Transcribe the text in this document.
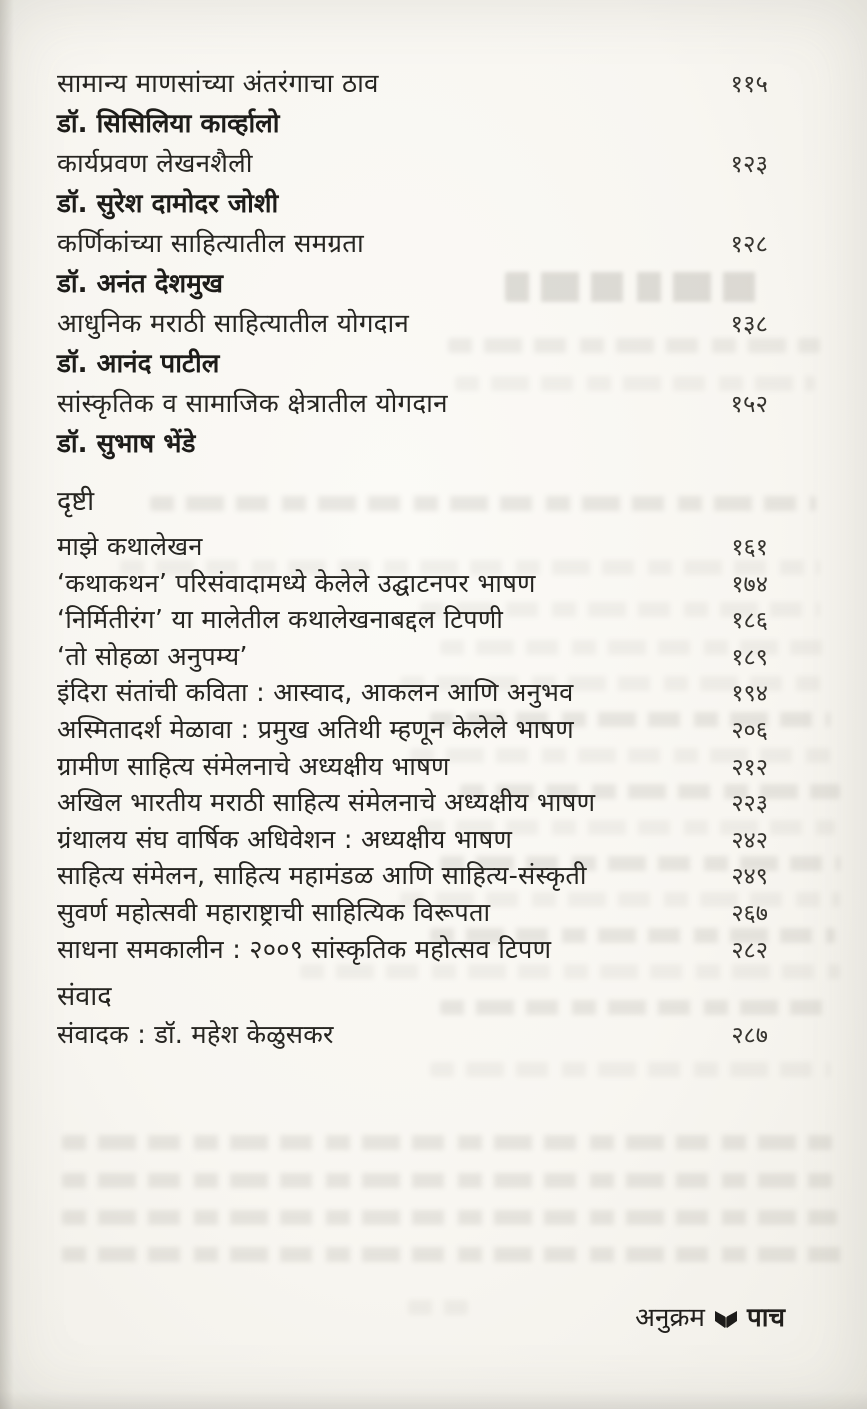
सामान्य माणसांच्या अंतरंगाचा ठाव	११५
डॉ. सिसिलिया कार्व्हालो
कार्यप्रवण लेखनशैली	१२३
डॉ. सुरेश दामोदर जोशी
कर्णिकांच्या साहित्यातील समग्रता	१२८
डॉ. अनंत देशमुख
आधुनिक मराठी साहित्यातील योगदान	१३८
डॉ. आनंद पाटील
सांस्कृतिक व सामाजिक क्षेत्रातील योगदान	१५२
डॉ. सुभाष भेंडे
दृष्टी
माझे कथालेखन	१६१
‘कथाकथन’ परिसंवादामध्ये केलेले उद्घाटनपर भाषण	१७४
‘निर्मितीरंग’ या मालेतील कथालेखनाबद्दल टिपणी	१८६
‘तो सोहळा अनुपम्य’	१८९
इंदिरा संतांची कविता : आस्वाद, आकलन आणि अनुभव	१९४
अस्मितादर्श मेळावा : प्रमुख अतिथी म्हणून केलेले भाषण	२०६
ग्रामीण साहित्य संमेलनाचे अध्यक्षीय भाषण	२१२
अखिल भारतीय मराठी साहित्य संमेलनाचे अध्यक्षीय भाषण	२२३
ग्रंथालय संघ वार्षिक अधिवेशन : अध्यक्षीय भाषण	२४२
साहित्य संमेलन, साहित्य महामंडळ आणि साहित्य-संस्कृती	२४९
सुवर्ण महोत्सवी महाराष्ट्राची साहित्यिक विरूपता	२६७
साधना समकालीन : २००९ सांस्कृतिक महोत्सव टिपण	२८२
संवाद
संवादक : डॉ. महेश केळुसकर	२८७
अनुक्रम पाच
